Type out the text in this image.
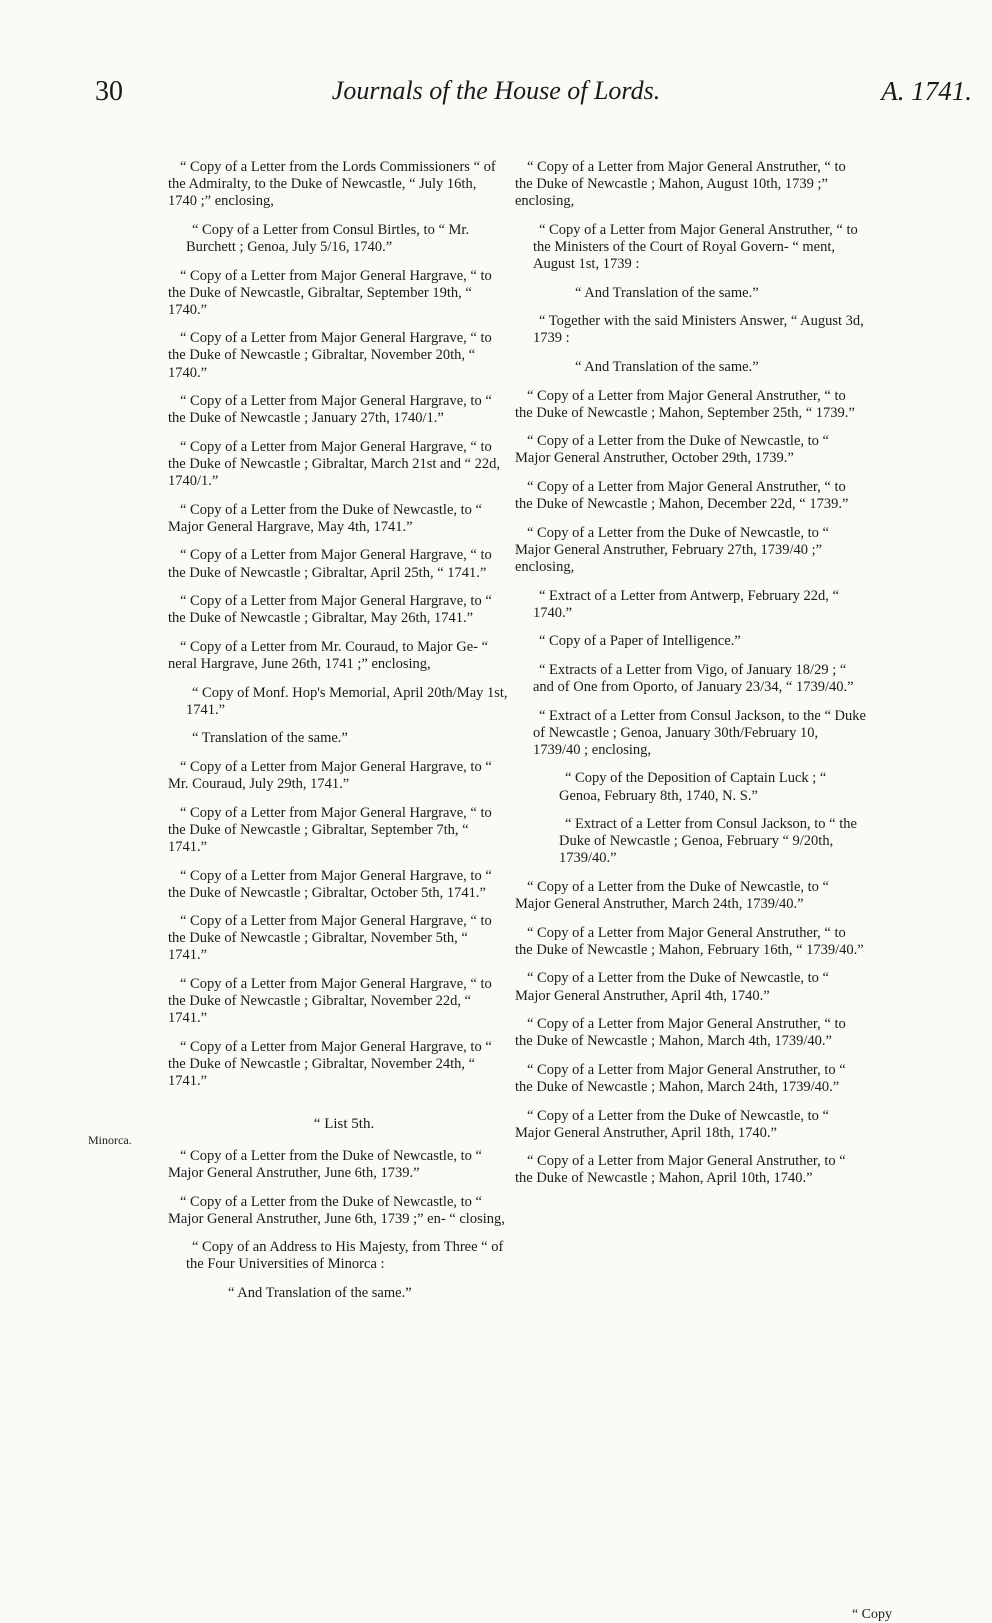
30	Journals of the House of Lords.	A. 1741.
Minorca.

“ Copy of a Letter from the Lords Commissioners “ of the Admiralty, to the Duke of Newcastle, “ July 16th, 1740 ;” enclosing,

“ Copy of a Letter from Consul Birtles, to “ Mr. Burchett ; Genoa, July 5/16, 1740.”

“ Copy of a Letter from Major General Hargrave, “ to the Duke of Newcastle, Gibraltar, September 19th, “ 1740.”

“ Copy of a Letter from Major General Hargrave, “ to the Duke of Newcastle ; Gibraltar, November 20th, “ 1740.”

“ Copy of a Letter from Major General Hargrave, to “ the Duke of Newcastle ; January 27th, 1740/1.”

“ Copy of a Letter from Major General Hargrave, “ to the Duke of Newcastle ; Gibraltar, March 21st and “ 22d, 1740/1.”

“ Copy of a Letter from the Duke of Newcastle, to “ Major General Hargrave, May 4th, 1741.”

“ Copy of a Letter from Major General Hargrave, “ to the Duke of Newcastle ; Gibraltar, April 25th, “ 1741.”

“ Copy of a Letter from Major General Hargrave, to “ the Duke of Newcastle ; Gibraltar, May 26th, 1741.”

“ Copy of a Letter from Mr. Couraud, to Major Ge- “ neral Hargrave, June 26th, 1741 ;” enclosing,

“ Copy of Monf. Hop's Memorial, April 20th/May 1st, 1741.”

“ Translation of the same.”

“ Copy of a Letter from Major General Hargrave, to “ Mr. Couraud, July 29th, 1741.”

“ Copy of a Letter from Major General Hargrave, “ to the Duke of Newcastle ; Gibraltar, September 7th, “ 1741.”

“ Copy of a Letter from Major General Hargrave, to “ the Duke of Newcastle ; Gibraltar, October 5th, 1741.”

“ Copy of a Letter from Major General Hargrave, “ to the Duke of Newcastle ; Gibraltar, November 5th, “ 1741.”

“ Copy of a Letter from Major General Hargrave, “ to the Duke of Newcastle ; Gibraltar, November 22d, “ 1741.”

“ Copy of a Letter from Major General Hargrave, to “ the Duke of Newcastle ; Gibraltar, November 24th, “ 1741.”

“ List 5th.

“ Copy of a Letter from the Duke of Newcastle, to “ Major General Anstruther, June 6th, 1739.”

“ Copy of a Letter from the Duke of Newcastle, to “ Major General Anstruther, June 6th, 1739 ;” en- “ closing,

“ Copy of an Address to His Majesty, from Three “ of the Four Universities of Minorca :

“ And Translation of the same.”

“ Copy of a Letter from Major General Anstruther, “ to the Duke of Newcastle ; Mahon, August 10th, 1739 ;” enclosing,

“ Copy of a Letter from Major General Anstruther, “ to the Ministers of the Court of Royal Govern- “ ment, August 1st, 1739 :

“ And Translation of the same.”

“ Together with the said Ministers Answer, “ August 3d, 1739 :

“ And Translation of the same.”

“ Copy of a Letter from Major General Anstruther, “ to the Duke of Newcastle ; Mahon, September 25th, “ 1739.”

“ Copy of a Letter from the Duke of Newcastle, to “ Major General Anstruther, October 29th, 1739.”

“ Copy of a Letter from Major General Anstruther, “ to the Duke of Newcastle ; Mahon, December 22d, “ 1739.”

“ Copy of a Letter from the Duke of Newcastle, to “ Major General Anstruther, February 27th, 1739/40 ;” enclosing,

“ Extract of a Letter from Antwerp, February 22d, “ 1740.”

“ Copy of a Paper of Intelligence.”

“ Extracts of a Letter from Vigo, of January 18/29 ; “ and of One from Oporto, of January 23/34, “ 1739/40.”

“ Extract of a Letter from Consul Jackson, to the “ Duke of Newcastle ; Genoa, January 30th/February 10, 1739/40 ; enclosing,

“ Copy of the Deposition of Captain Luck ; “ Genoa, February 8th, 1740, N. S.”

“ Extract of a Letter from Consul Jackson, to “ the Duke of Newcastle ; Genoa, February “ 9/20th, 1739/40.”

“ Copy of a Letter from the Duke of Newcastle, to “ Major General Anstruther, March 24th, 1739/40.”

“ Copy of a Letter from Major General Anstruther, “ to the Duke of Newcastle ; Mahon, February 16th, “ 1739/40.”

“ Copy of a Letter from the Duke of Newcastle, to “ Major General Anstruther, April 4th, 1740.”

“ Copy of a Letter from Major General Anstruther, “ to the Duke of Newcastle ; Mahon, March 4th, 1739/40.”

“ Copy of a Letter from Major General Anstruther, to “ the Duke of Newcastle ; Mahon, March 24th, 1739/40.”

“ Copy of a Letter from the Duke of Newcastle, to “ Major General Anstruther, April 18th, 1740.”

“ Copy of a Letter from Major General Anstruther, to “ the Duke of Newcastle ; Mahon, April 10th, 1740.”

“ Copy
